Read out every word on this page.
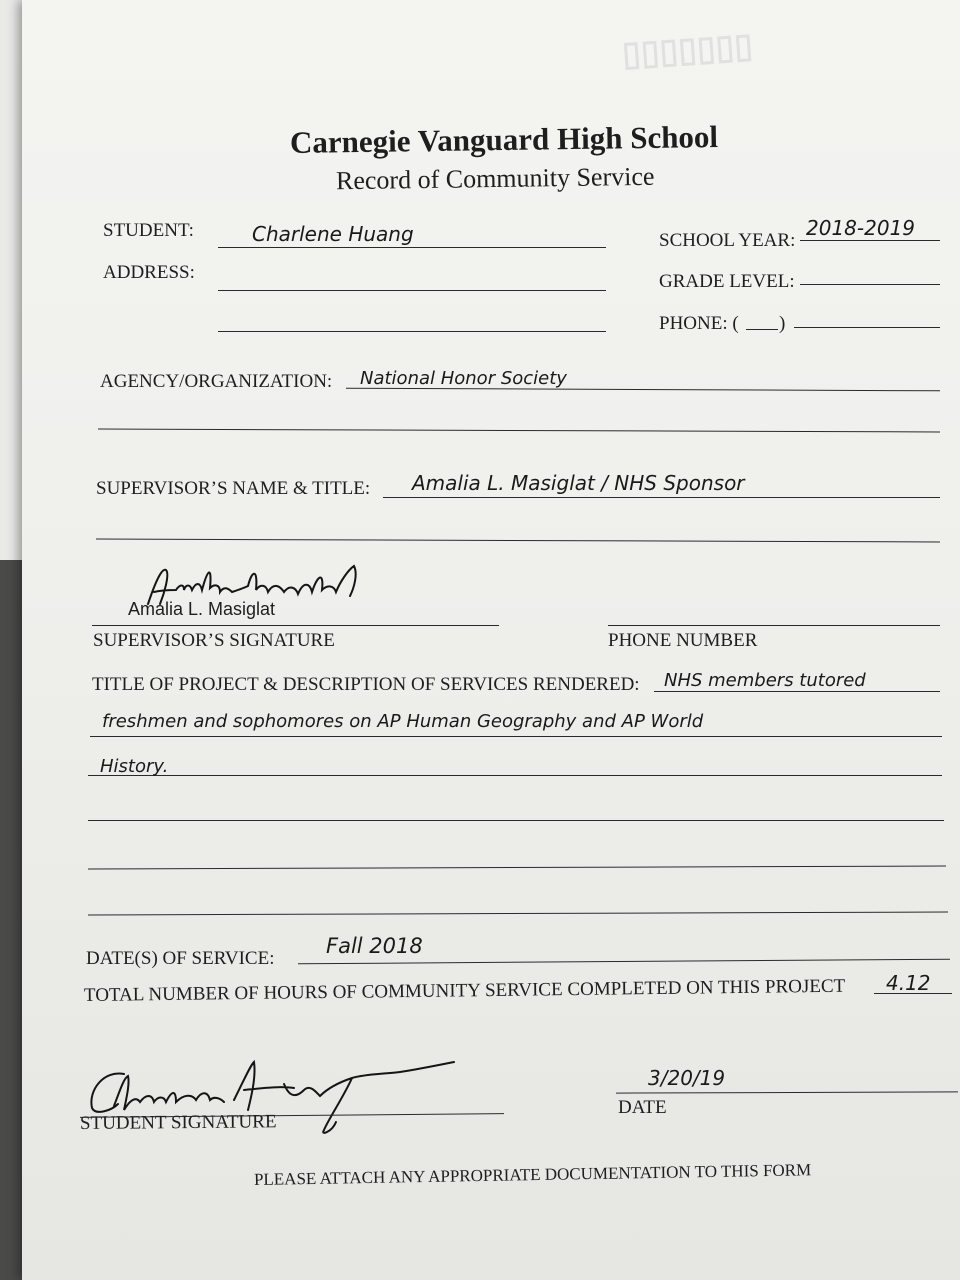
▯▯▯▯▯▯▯
Carnegie Vanguard High School
Record of Community Service
STUDENT:	Charlene Huang	SCHOOL YEAR:
2018-2019
ADDRESS:	GRADE LEVEL:
PHONE: ( )
AGENCY/ORGANIZATION: National Honor Society
SUPERVISOR’S NAME & TITLE: Amalia L. Masiglat / NHS Sponsor
Amalia L. Masiglat
SUPERVISOR’S SIGNATURE	PHONE NUMBER
TITLE OF PROJECT & DESCRIPTION OF SERVICES RENDERED: NHS members tutored
freshmen and sophomores on AP Human Geography and AP World
History.
DATE(S) OF SERVICE:
Fall 2018
TOTAL NUMBER OF HOURS OF COMMUNITY SERVICE COMPLETED ON THIS PROJECT 4.12
STUDENT SIGNATURE
3/20/19
DATE
PLEASE ATTACH ANY APPROPRIATE DOCUMENTATION TO THIS FORM
